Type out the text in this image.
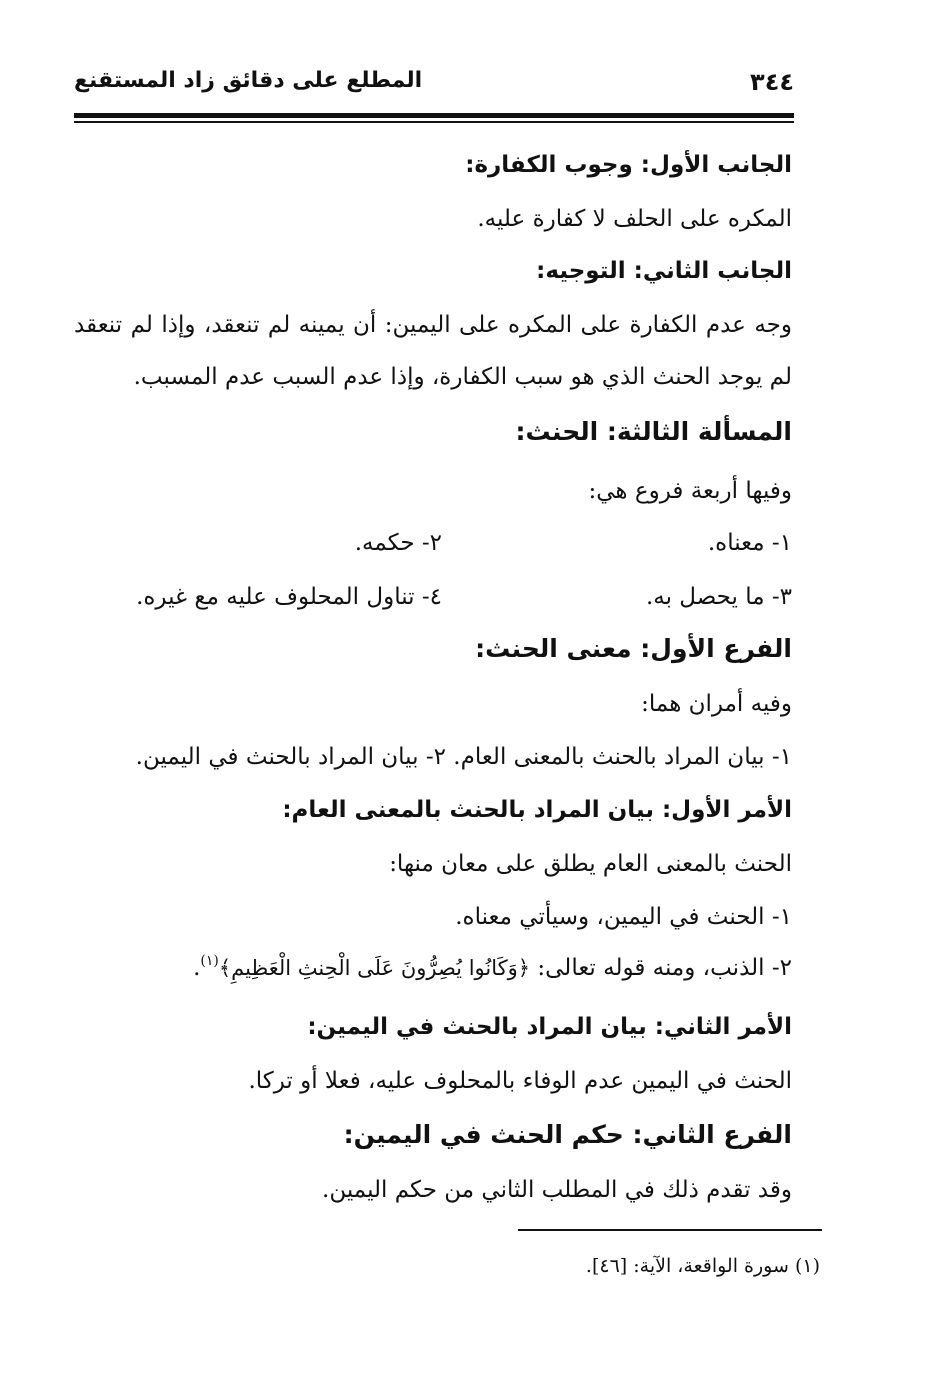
٣٤٤
المطلع على دقائق زاد المستقنع
الجانب الأول: وجوب الكفارة:
المكره على الحلف لا كفارة عليه.
الجانب الثاني: التوجيه:
وجه عدم الكفارة على المكره على اليمين: أن يمينه لم تنعقد، وإذا لم تنعقد
لم يوجد الحنث الذي هو سبب الكفارة، وإذا عدم السبب عدم المسبب.
المسألة الثالثة: الحنث:
وفيها أربعة فروع هي:
١- معناه.
٢- حكمه.
٣- ما يحصل به.
٤- تناول المحلوف عليه مع غيره.
الفرع الأول: معنى الحنث:
وفيه أمران هما:
١- بيان المراد بالحنث بالمعنى العام. ٢- بيان المراد بالحنث في اليمين.
الأمر الأول: بيان المراد بالحنث بالمعنى العام:
الحنث بالمعنى العام يطلق على معان منها:
١- الحنث في اليمين، وسيأتي معناه.
٢- الذنب، ومنه قوله تعالى: ﴿وَكَانُوا يُصِرُّونَ عَلَى الْحِنثِ الْعَظِيمِ﴾$^{(١)}$.
الأمر الثاني: بيان المراد بالحنث في اليمين:
الحنث في اليمين عدم الوفاء بالمحلوف عليه، فعلا أو تركا.
الفرع الثاني: حكم الحنث في اليمين:
وقد تقدم ذلك في المطلب الثاني من حكم اليمين.
(١) سورة الواقعة، الآية: [٤٦].
